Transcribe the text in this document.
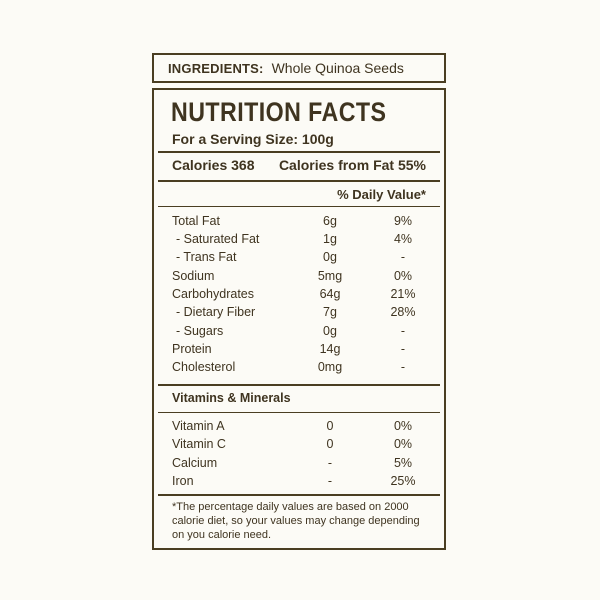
INGREDIENTS: Whole Quinoa Seeds
NUTRITION FACTS
For a Serving Size: 100g
Calories 368 Calories from Fat 55%
% Daily Value*
Total Fat	6g	9%
- Saturated Fat	1g	4%
- Trans Fat	0g	-
Sodium	5mg	0%
Carbohydrates	64g	21%
- Dietary Fiber	7g	28%
- Sugars	0g	-
Protein	14g	-
Cholesterol	0mg	-
Vitamins & Minerals
Vitamin A	0	0%
Vitamin C	0	0%
Calcium	-	5%
Iron	-	25%
*The percentage daily values are based on 2000 calorie diet, so your values may change depending on you calorie need.
